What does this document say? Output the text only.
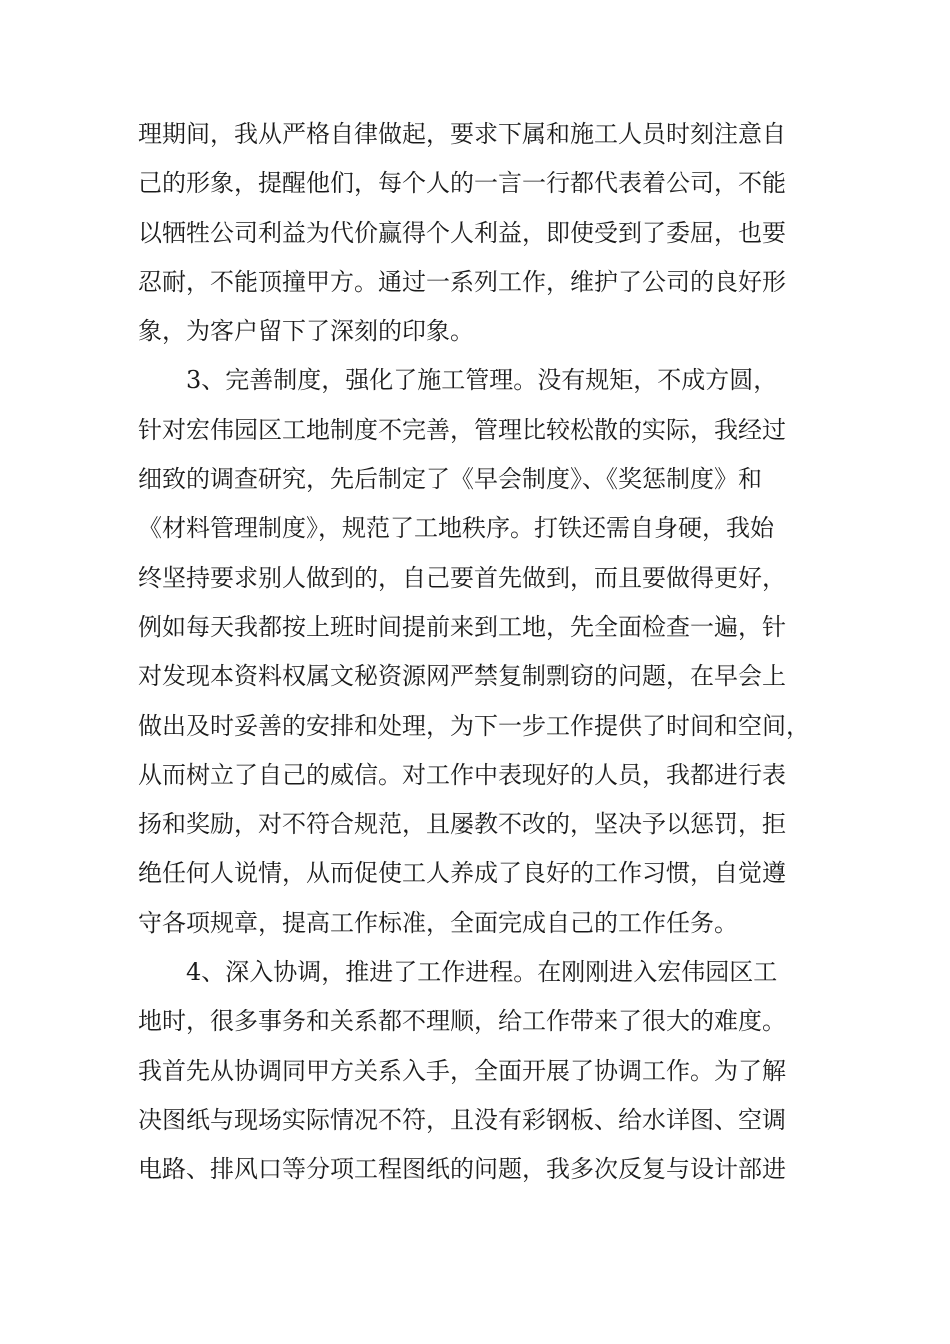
理期间，我从严格自律做起，要求下属和施工人员时刻注意自
己的形象，提醒他们，每个人的一言一行都代表着公司，不能
以牺牲公司利益为代价赢得个人利益，即使受到了委屈，也要
忍耐，不能顶撞甲方。通过一系列工作，维护了公司的良好形
象，为客户留下了深刻的印象。
3、完善制度，强化了施工管理。没有规矩，不成方圆，
针对宏伟园区工地制度不完善，管理比较松散的实际，我经过
细致的调查研究，先后制定了《早会制度》、《奖惩制度》和
《材料管理制度》，规范了工地秩序。打铁还需自身硬，我始
终坚持要求别人做到的，自己要首先做到，而且要做得更好，
例如每天我都按上班时间提前来到工地，先全面检查一遍，针
对发现本资料权属文秘资源网严禁复制剽窃的问题，在早会上
做出及时妥善的安排和处理，为下一步工作提供了时间和空间，
从而树立了自己的威信。对工作中表现好的人员，我都进行表
扬和奖励，对不符合规范，且屡教不改的，坚决予以惩罚，拒
绝任何人说情，从而促使工人养成了良好的工作习惯，自觉遵
守各项规章，提高工作标准，全面完成自己的工作任务。
4、深入协调，推进了工作进程。在刚刚进入宏伟园区工
地时，很多事务和关系都不理顺，给工作带来了很大的难度。
我首先从协调同甲方关系入手，全面开展了协调工作。为了解
决图纸与现场实际情况不符，且没有彩钢板、给水详图、空调
电路、排风口等分项工程图纸的问题，我多次反复与设计部进
